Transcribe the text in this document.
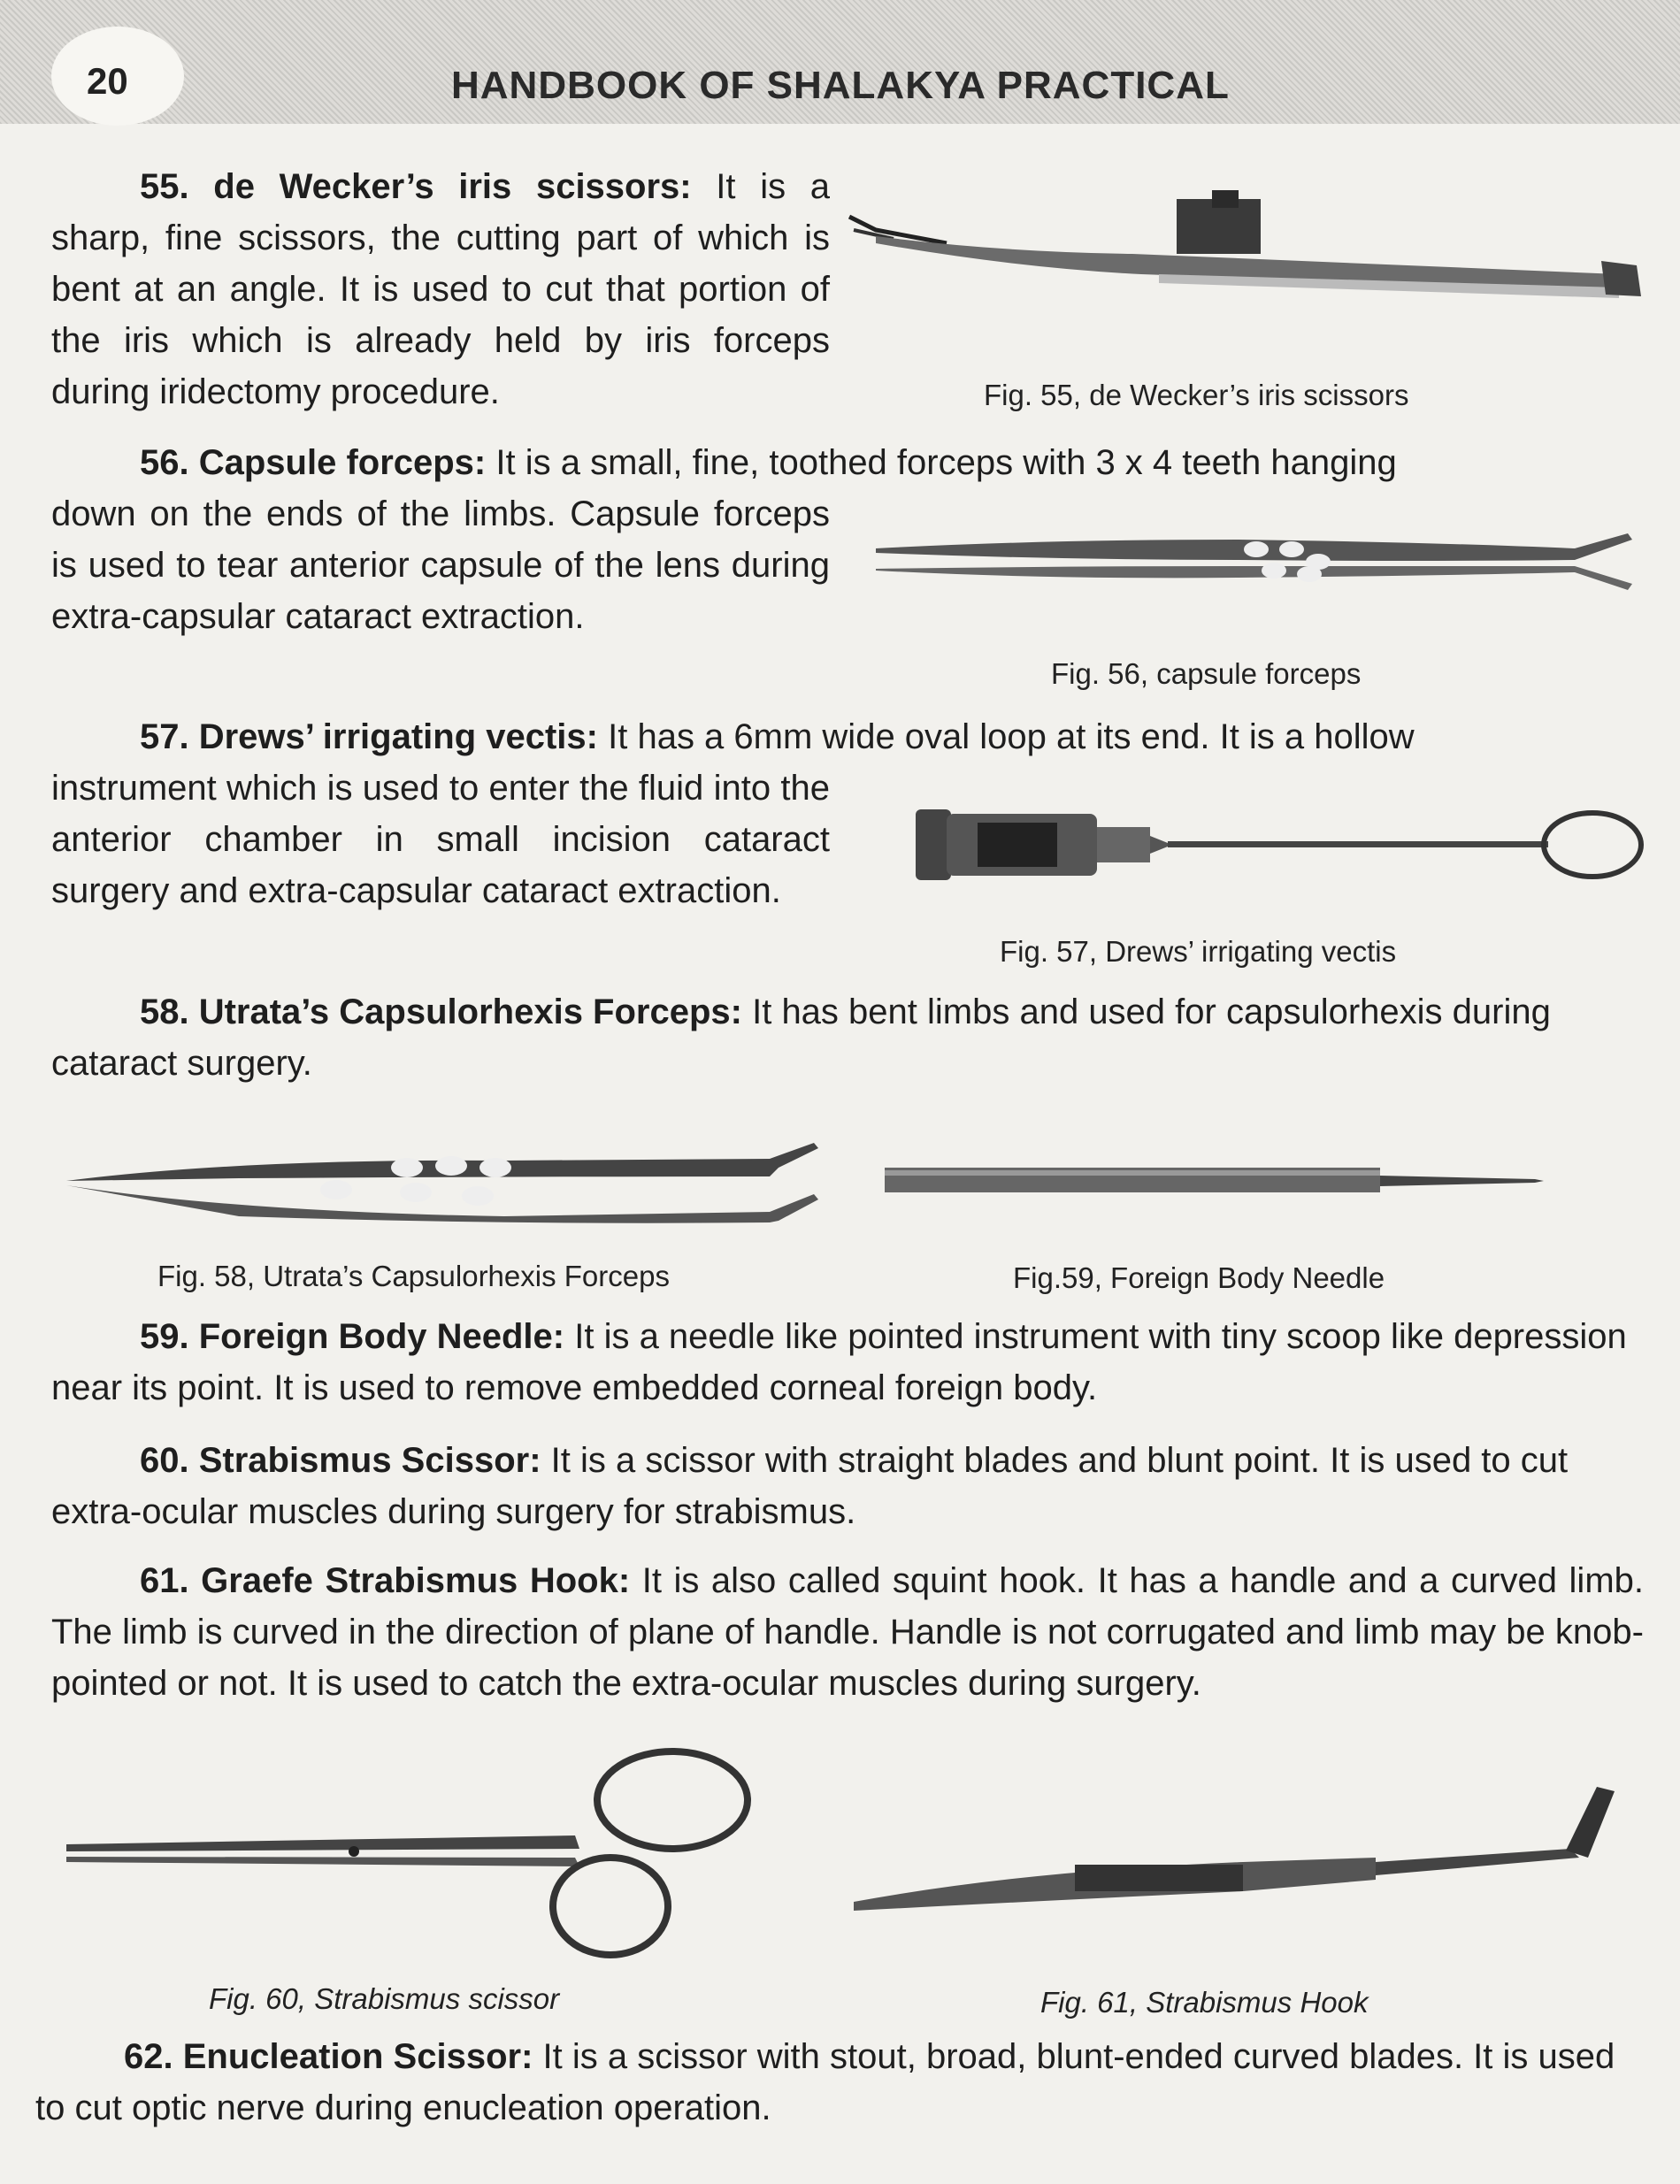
20	HANDBOOK OF SHALAKYA PRACTICAL

55. de Wecker’s iris scissors: It is a sharp, fine scissors, the cutting part of which is bent at an angle. It is used to cut that portion of the iris which is already held by iris forceps during iridectomy procedure.	Fig. 55, de Wecker’s iris scissors

56. Capsule forceps: It is a small, fine, toothed forceps with 3 x 4 teeth hanging

down on the ends of the limbs. Capsule forceps is used to tear anterior capsule of the lens during extra-capsular cataract extraction.

Fig. 56, capsule forceps

57. Drews’ irrigating vectis: It has a 6mm wide oval loop at its end. It is a hollow

instrument which is used to enter the fluid into the anterior chamber in small incision cataract surgery and extra-capsular cataract extraction.

Fig. 57, Drews’ irrigating vectis

58. Utrata’s Capsulorhexis Forceps: It has bent limbs and used for capsulorhexis during cataract surgery.

Fig. 58, Utrata’s Capsulorhexis Forceps	Fig.59, Foreign Body Needle

59. Foreign Body Needle: It is a needle like pointed instrument with tiny scoop like depression near its point. It is used to remove embedded corneal foreign body.

60. Strabismus Scissor: It is a scissor with straight blades and blunt point. It is used to cut extra-ocular muscles during surgery for strabismus.

61. Graefe Strabismus Hook: It is also called squint hook. It has a handle and a curved limb. The limb is curved in the direction of plane of handle. Handle is not corrugated and limb may be knob-pointed or not. It is used to catch the extra-ocular muscles during surgery.

Fig. 60, Strabismus scissor	Fig. 61, Strabismus Hook

62. Enucleation Scissor: It is a scissor with stout, broad, blunt-ended curved blades. It is used to cut optic nerve during enucleation operation.
